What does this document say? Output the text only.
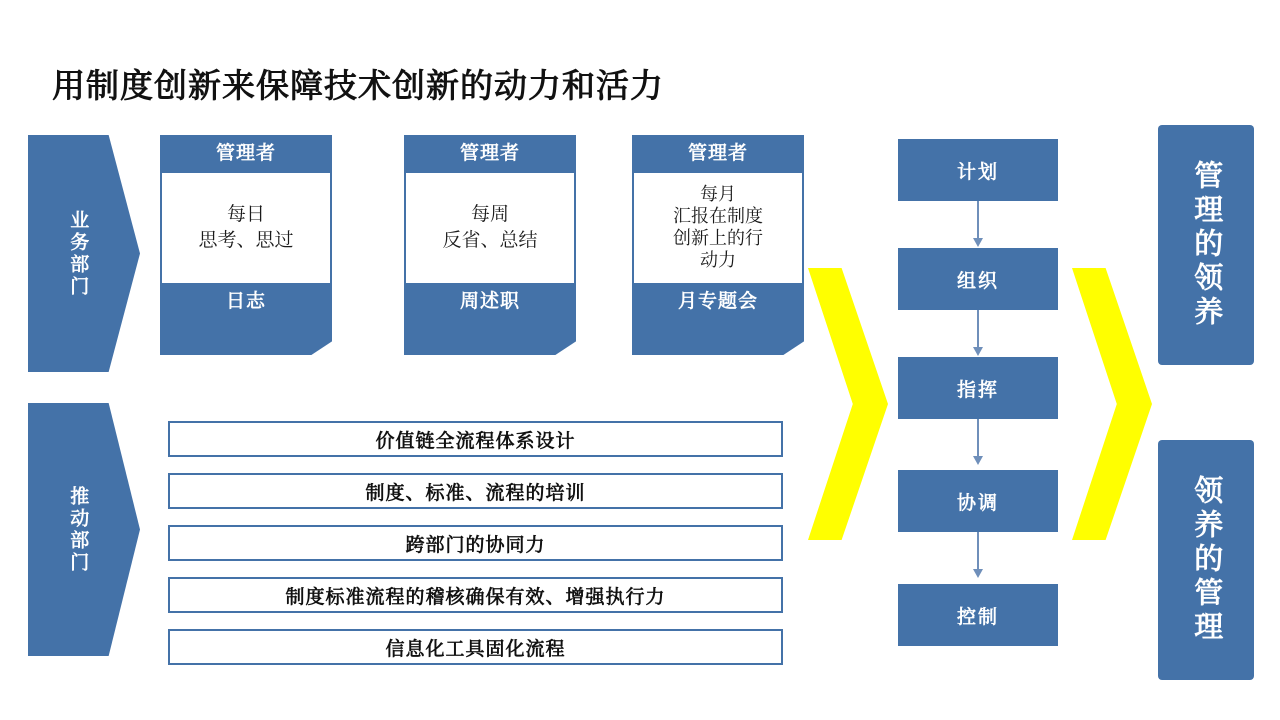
用制度创新来保障技术创新的动力和活力
业务部门
推动部门
管理者
每日
思考、思过
日志
管理者
每周
反省、总结
周述职
管理者
每月
汇报在制度
创新上的行
动力
月专题会
价值链全流程体系设计
制度、标准、流程的培训
跨部门的协同力
制度标准流程的稽核确保有效、增强执行力
信息化工具固化流程
计划
组织
指挥
协调
控制
管理的领养
领养的管理
